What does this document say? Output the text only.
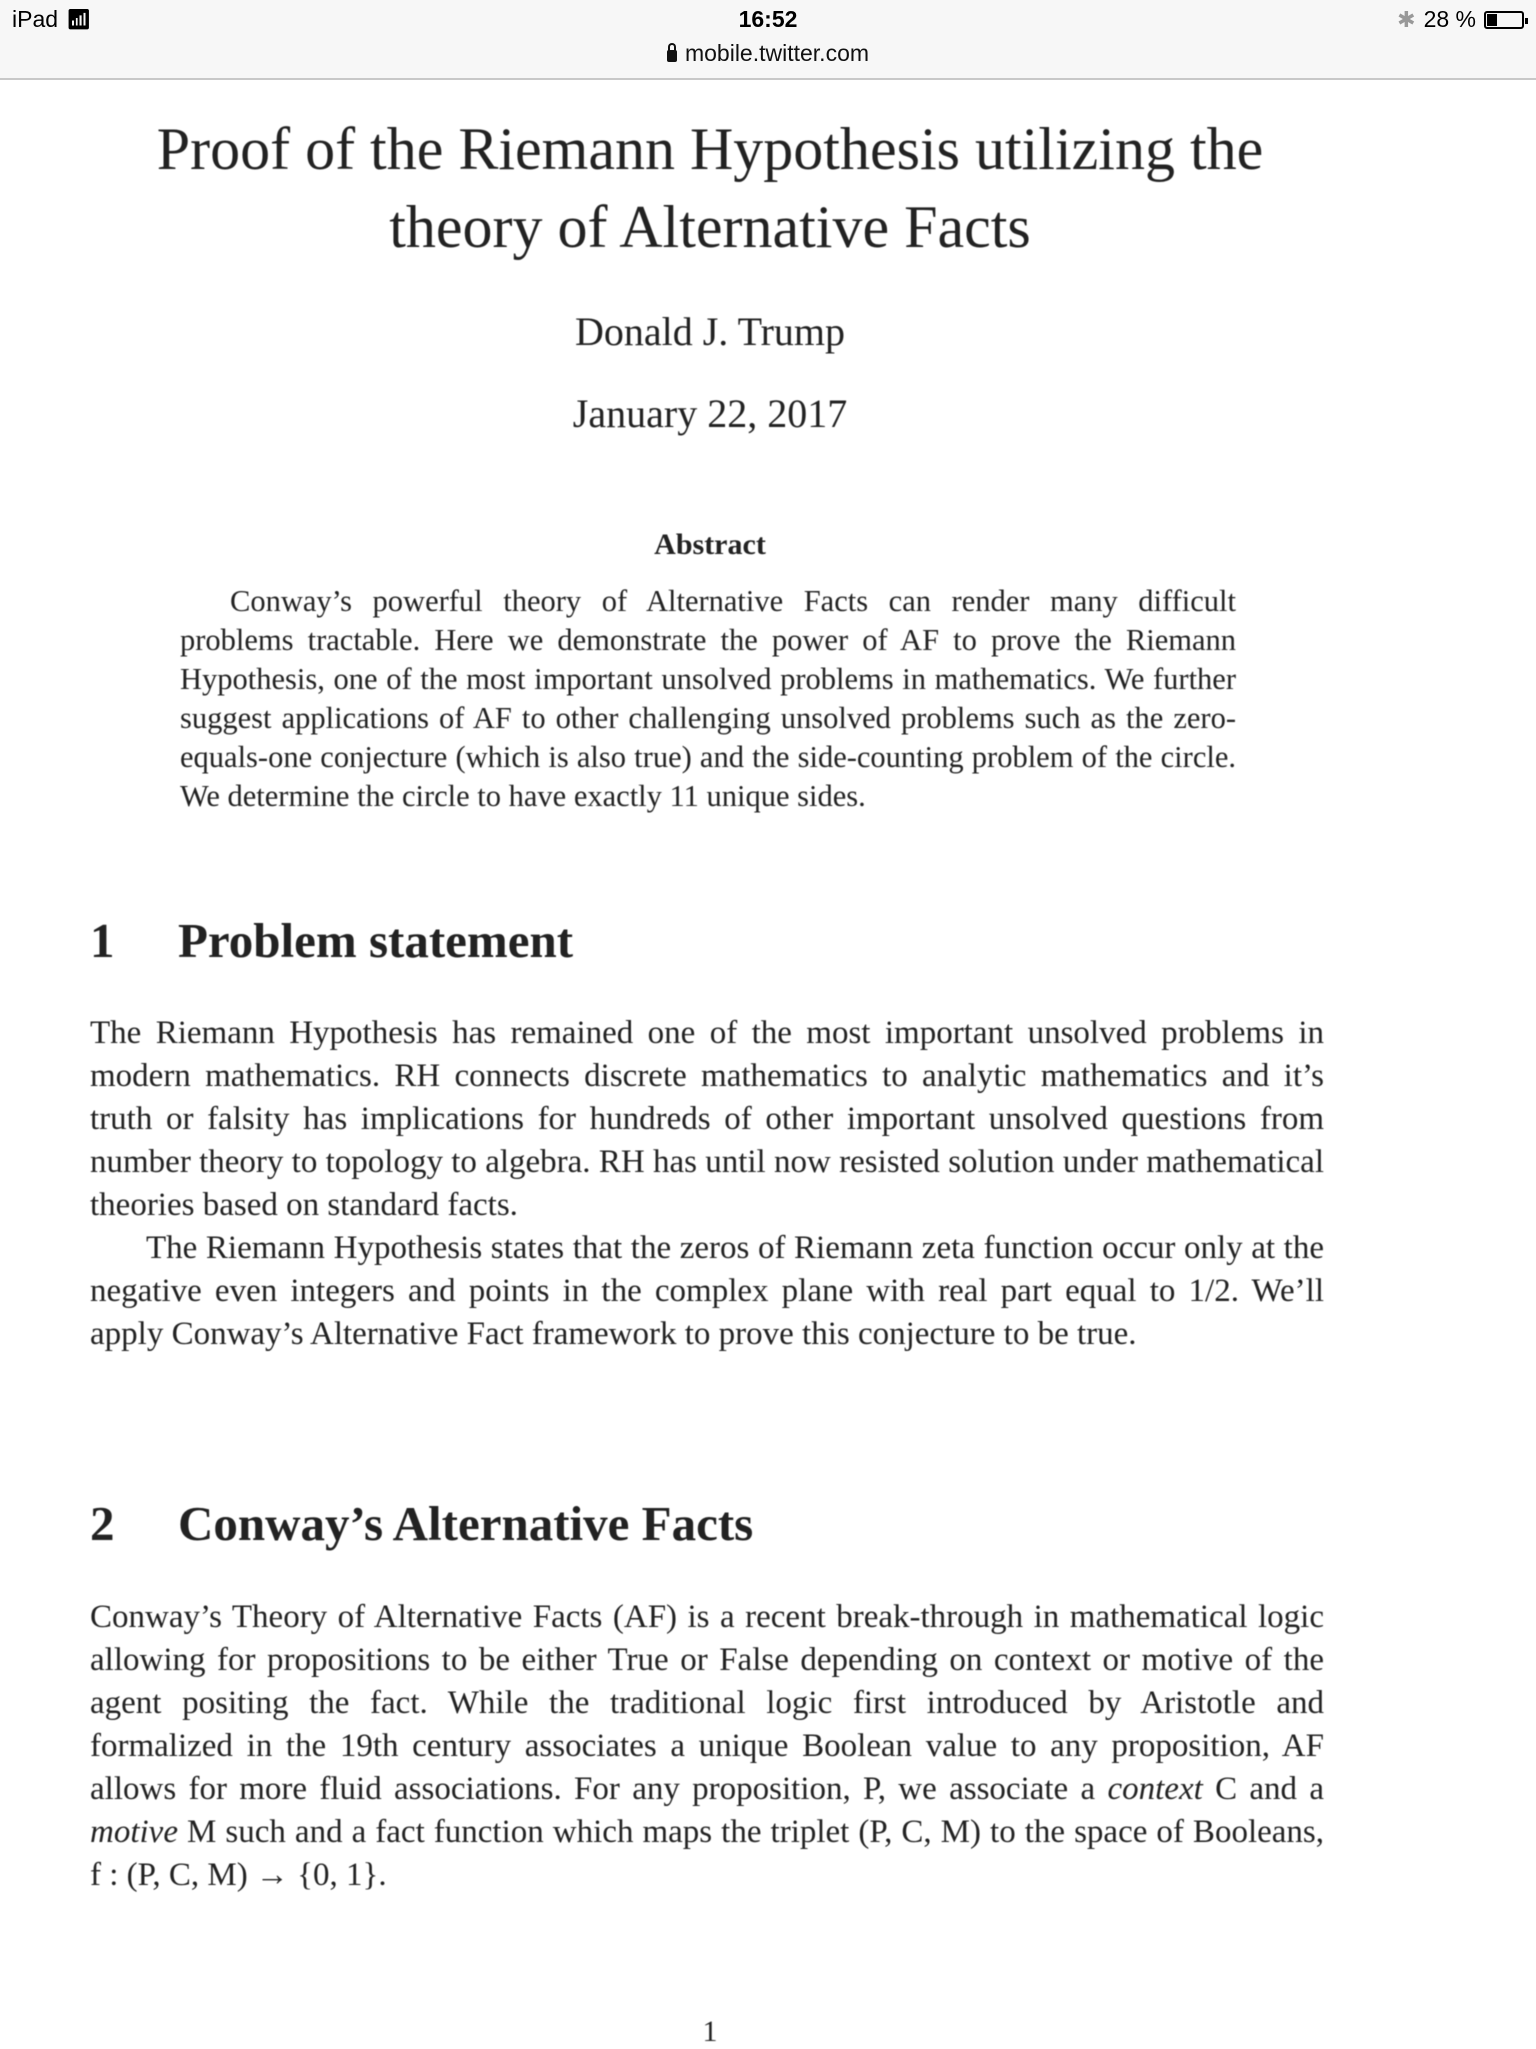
iPad 📶︎	16:52
mobile.twitter.com
✱ 28 %
Proof of the Riemann Hypothesis utilizing the
theory of Alternative Facts
Donald J. Trump
January 22, 2017
Abstract
Conway’s powerful theory of Alternative Facts can render many difficult problems tractable. Here we demonstrate the power of AF to prove the Riemann Hypothesis, one of the most important unsolved problems in mathematics. We further suggest applications of AF to other challenging unsolved problems such as the zero-equals-one conjecture (which is also true) and the side-counting problem of the circle. We determine the circle to have exactly 11 unique sides.
1 Problem statement

The Riemann Hypothesis has remained one of the most important unsolved problems in modern mathematics. RH connects discrete mathematics to analytic mathematics and it’s truth or falsity has implications for hundreds of other important unsolved questions from number theory to topology to algebra. RH has until now resisted solution under mathematical theories based on standard facts.

The Riemann Hypothesis states that the zeros of Riemann zeta function occur only at the negative even integers and points in the complex plane with real part equal to 1/2. We’ll apply Conway’s Alternative Fact framework to prove this conjecture to be true.

2 Conway’s Alternative Facts

Conway’s Theory of Alternative Facts (AF) is a recent break-through in mathematical logic allowing for propositions to be either True or False depending on context or motive of the agent positing the fact. While the traditional logic first introduced by Aristotle and formalized in the 19th century associates a unique Boolean value to any proposition, AF allows for more fluid associations. For any proposition, P, we associate a context C and a motive M such and a fact function which maps the triplet (P, C, M) to the space of Booleans, f : (P, C, M) → {0, 1}.

1
